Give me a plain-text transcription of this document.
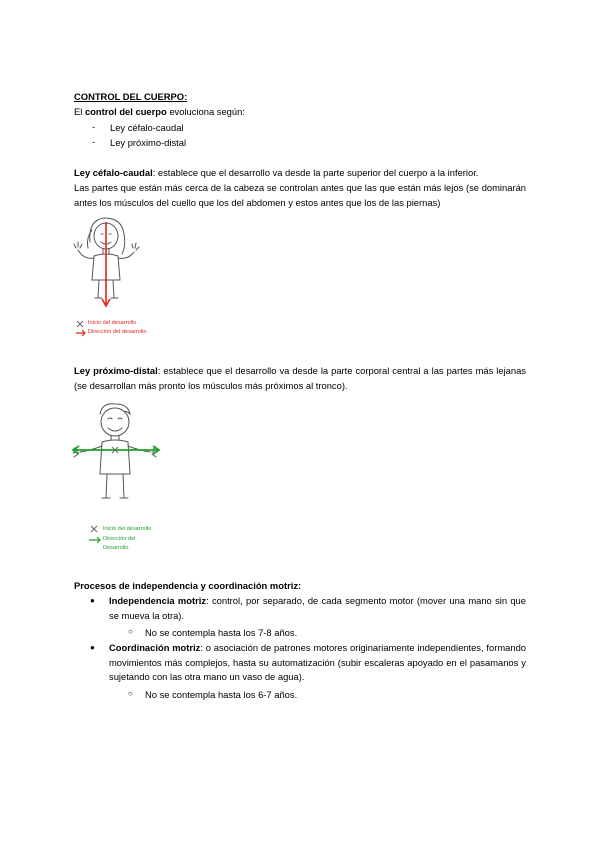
CONTROL DEL CUERPO:
El control del cuerpo evoluciona según:
- Ley céfalo-caudal
- Ley próximo-distal
Ley céfalo-caudal: establece que el desarrollo va desde la parte superior del cuerpo a la inferior.
Las partes que están más cerca de la cabeza se controlan antes que las que están más lejos (se dominarán antes los músculos del cuello que los del abdomen y estos antes que los de las piernas)
Inicio del desarrollo
Dirección del desarrollo
Ley próximo-distal: establece que el desarrollo va desde la parte corporal central a las partes más lejanas (se desarrollan más pronto los músculos más próximos al tronco).
Inicio del desarrollo
Dirección del
Desarrollo
Procesos de independencia y coordinación motriz:
● Independencia motriz: control, por separado, de cada segmento motor (mover una mano sin que se mueva la otra).
○ No se contempla hasta los 7-8 años.
● Coordinación motriz: o asociación de patrones motores originariamente independientes, formando movimientos más complejos, hasta su automatización (subir escaleras apoyado en el pasamanos y sujetando con las otra mano un vaso de agua).
○ No se contempla hasta los 6-7 años.
